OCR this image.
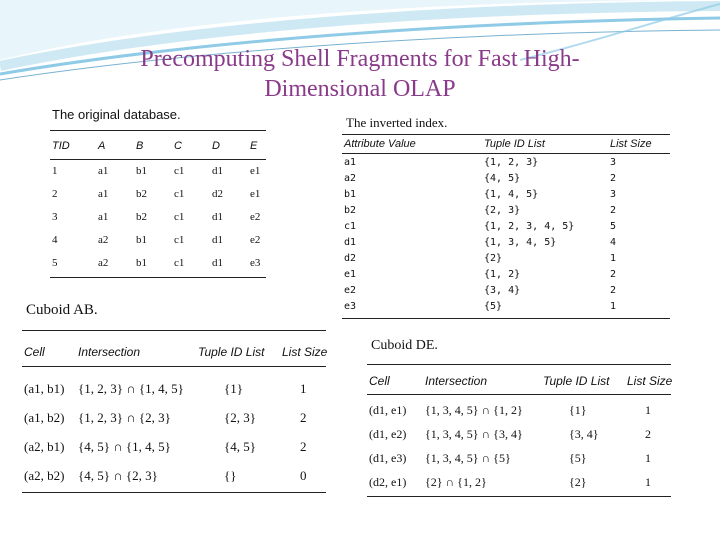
Precomputing Shell Fragments for Fast High-
Dimensional OLAP
The original database.
TID	A	B	C	D	E
1	a1	b1 c1	d1 e1
2	a1	b2 c1	d2 e1
3	a1	b2 c1	d1 e2
4	a2	b1 c1	d1 e2
5	a2	b1 c1	d1 e3
The inverted index.
Attribute Value	Tuple ID List	List Size
a1	{1, 2, 3}	3
a2	{4, 5}	2
b1	{1, 4, 5}	3
b2	{2, 3}	2
c1	{1, 2, 3, 4, 5}	5
d1	{1, 3, 4, 5}	4
d2	{2}	1
e1	{1, 2}	2
e2	{3, 4}	2
e3	{5}	1
Cuboid AB.
Cell	Intersection	Tuple ID List List Size
(a1, b1) {1, 2, 3} ∩ {1, 4, 5}	{1}	1
(a1, b2) {1, 2, 3} ∩ {2, 3}	{2, 3}	2
(a2, b1) {4, 5} ∩ {1, 4, 5}	{4, 5}	2
(a2, b2) {4, 5} ∩ {2, 3}	{}	0
Cuboid DE.
Cell	Intersection	Tuple ID List List Size
(d1, e1) {1, 3, 4, 5} ∩ {1, 2}	{1}	1
(d1, e2) {1, 3, 4, 5} ∩ {3, 4}	{3, 4}	2
(d1, e3) {1, 3, 4, 5} ∩ {5}	{5}	1
(d2, e1) {2} ∩ {1, 2}	{2}	1
